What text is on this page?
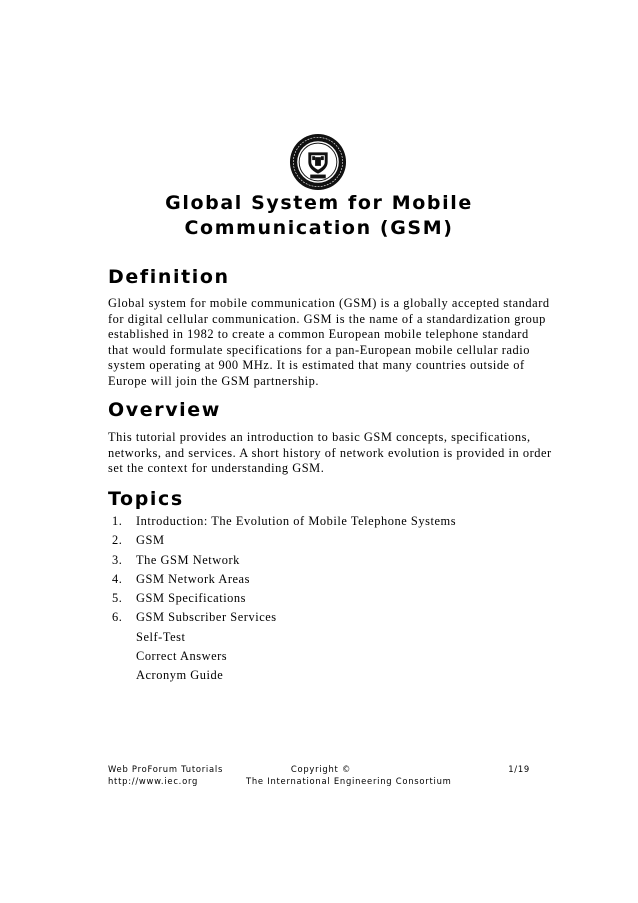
Global System for Mobile
Communication (GSM)
Definition
Global system for mobile communication (GSM) is a globally accepted standard
for digital cellular communication. GSM is the name of a standardization group
established in 1982 to create a common European mobile telephone standard
that would formulate specifications for a pan-European mobile cellular radio
system operating at 900 MHz. It is estimated that many countries outside of
Europe will join the GSM partnership.
Overview
This tutorial provides an introduction to basic GSM concepts, specifications,
networks, and services. A short history of network evolution is provided in order
set the context for understanding GSM.
Topics
1. Introduction: The Evolution of Mobile Telephone Systems
2. GSM
3. The GSM Network
4. GSM Network Areas
5. GSM Specifications
6. GSM Subscriber Services
Self-Test
Correct Answers
Acronym Guide
Web ProForum Tutorials
http://www.iec.org
Copyright ©
The International Engineering Consortium
1/19
